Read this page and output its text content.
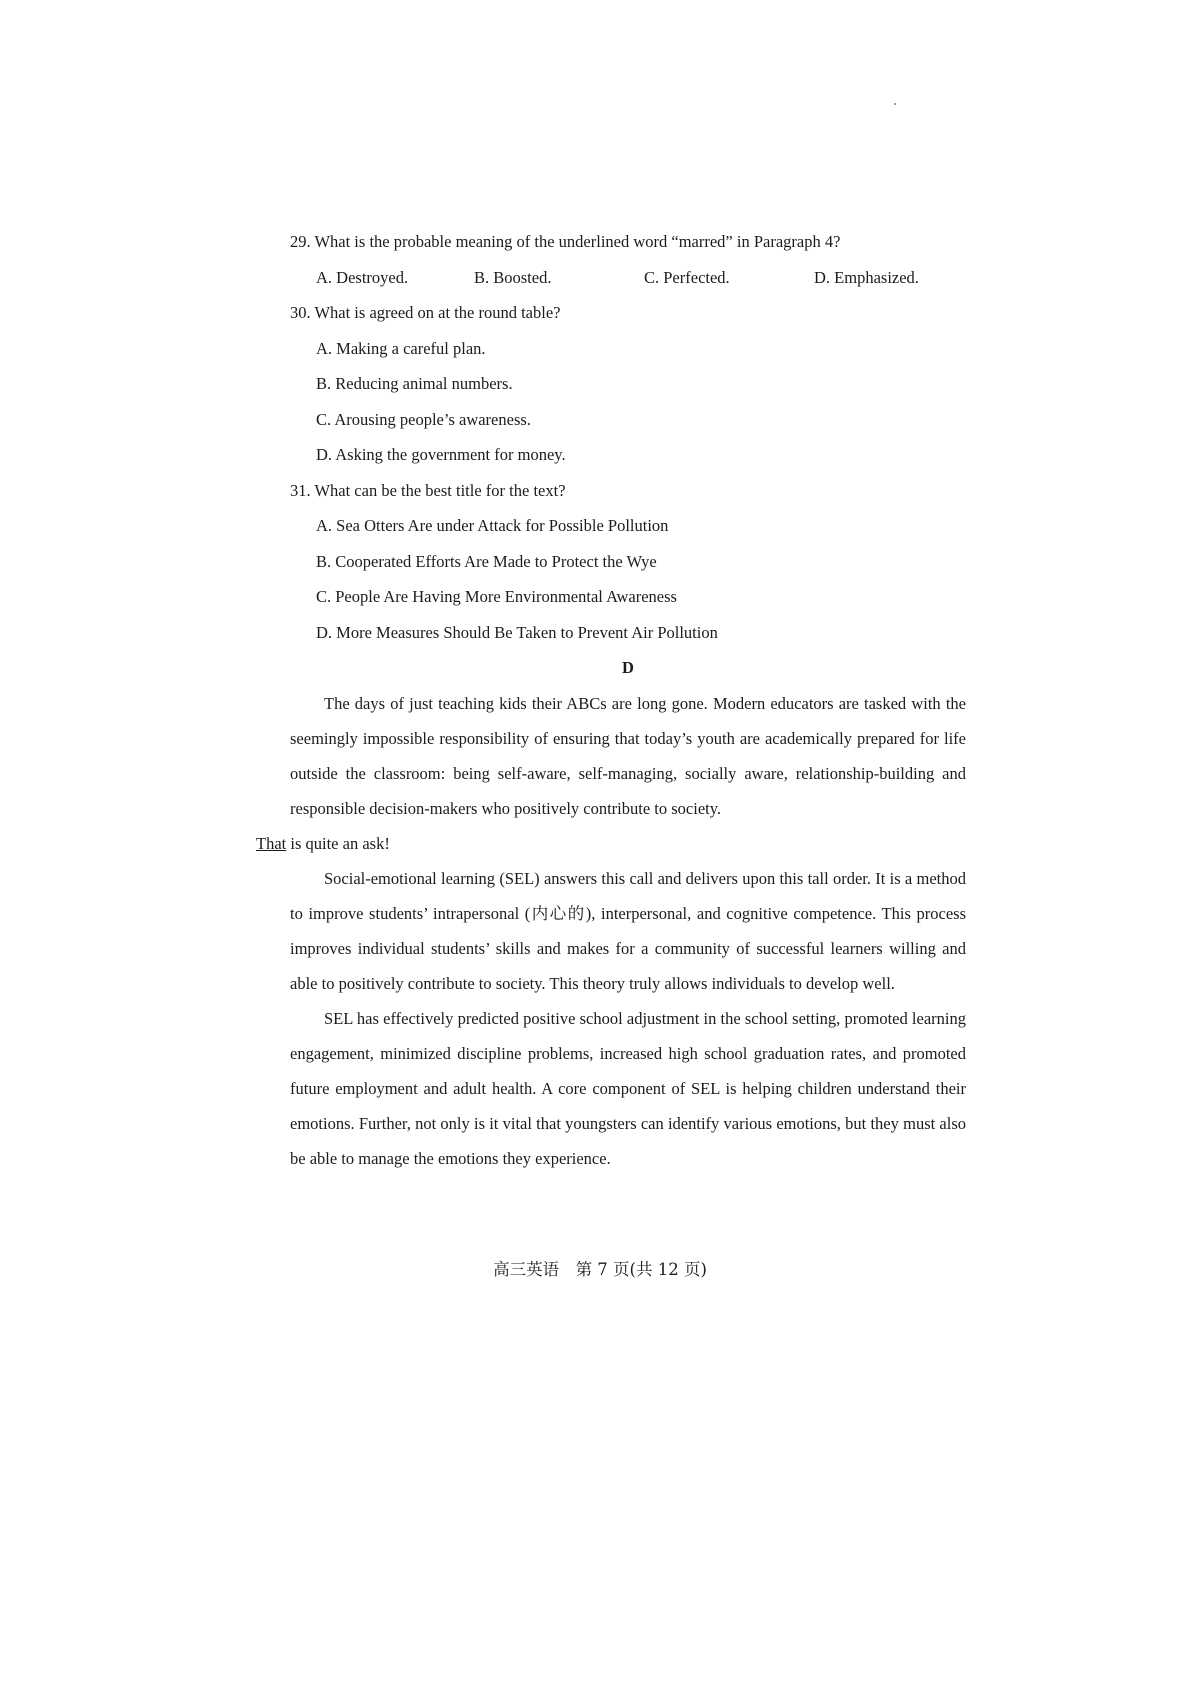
29. What is the probable meaning of the underlined word “marred” in Paragraph 4?
A. Destroyed.	B. Boosted.	C. Perfected.	D. Emphasized.
30. What is agreed on at the round table?
A. Making a careful plan.
B. Reducing animal numbers.
C. Arousing people’s awareness.
D. Asking the government for money.
31. What can be the best title for the text?
A. Sea Otters Are under Attack for Possible Pollution
B. Cooperated Efforts Are Made to Protect the Wye
C. People Are Having More Environmental Awareness
D. More Measures Should Be Taken to Prevent Air Pollution
D

The days of just teaching kids their ABCs are long gone. Modern educators are tasked with the seemingly impossible responsibility of ensuring that today’s youth are academically prepared for life outside the classroom: being self-aware, self-managing, socially aware, relationship-building and responsible decision-makers who positively contribute to society.
That is quite an ask!

Social-emotional learning (SEL) answers this call and delivers upon this tall order. It is a method to improve students’ intrapersonal (内心的), interpersonal, and cognitive competence. This process improves individual students’ skills and makes for a community of successful learners willing and able to positively contribute to society. This theory truly allows individuals to develop well.

SEL has effectively predicted positive school adjustment in the school setting, promoted learning engagement, minimized discipline problems, increased high school graduation rates, and promoted future employment and adult health. A core component of SEL is helping children understand their emotions. Further, not only is it vital that youngsters can identify various emotions, but they must also be able to manage the emotions they experience.

高三英语　第 7 页(共 12 页)
